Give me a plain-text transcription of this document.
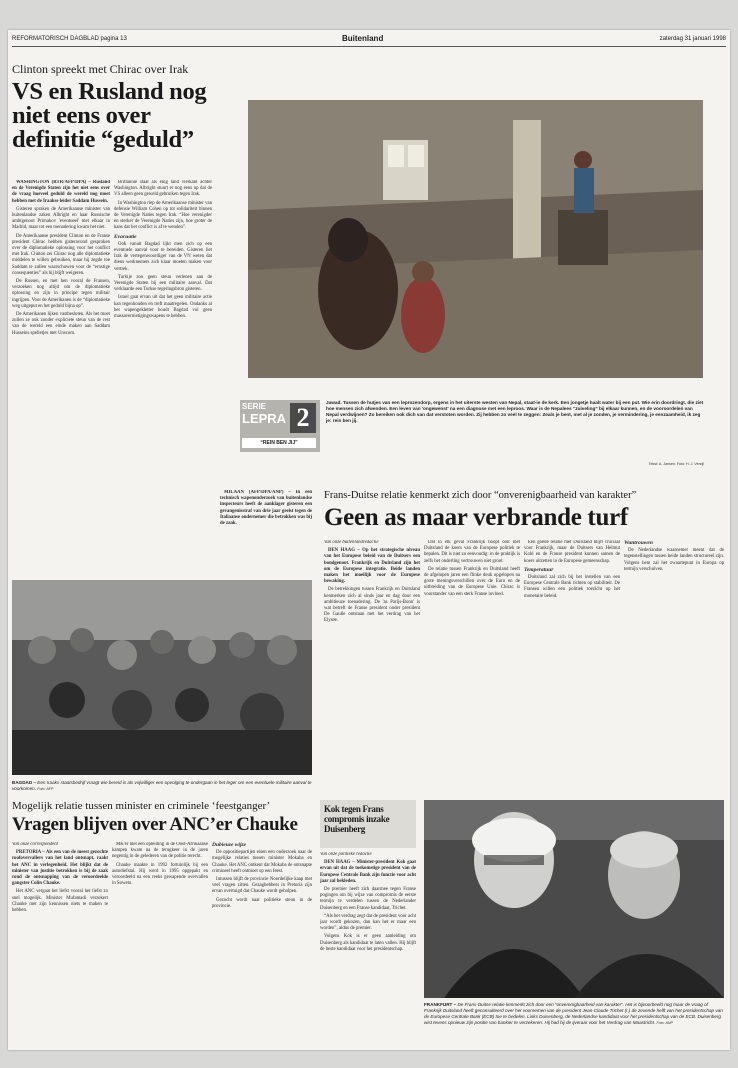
REFORMATORISCH DAGBLAD pagina 13	Buitenland	zaterdag 31 januari 1998
Clinton spreekt met Chirac over Irak
VS en Rusland nog niet eens over definitie “geduld”

WASHINGTON (RTR/AFP/DPA) – Rusland en de Verenigde Staten zijn het niet eens over de vraag hoeveel geduld de wereld nog moet hebben met de Iraakse leider Saddam Hussein.

Gisteren spraken de Amerikaanse minister van buitenlandse zaken Albright en haar Russische ambtgenoot Primakov 'eventueel' met elkaar in Madrid, maar tot een toenadering kwam het niet.

De Amerikaanse president Clinton en de Franse president Chirac hebben gisteravond gesproken over de diplomatieke oplossing voor het conflict met Irak. Clinton zei Chirac nog alle diplomatieke middelen te willen gebruiken, maar hij zegde toe Saddam te zullen waarschuwen voor de “ernstige consequenties” als hij blijft weigeren.

De Russen, en met hen vooral de Fransen, verzoeken nog altijd om de diplomatieke oplossing en zijn in principe tegen militair ingrijpen. Voor de Amerikanen is de “diplomatieke weg uitgeput en het geduld bijna op”.

De Amerikanen lijken vastbesloten. Als het moet zullen ze ook zonder expliciete steun van de rest van de wereld een einde maken aan Saddam Husseins spelletjes met Unscom.

Brittannie staat als enig land vierkant achter Washington. Albright stuurt er nog eens op dat de VS alleen geen geweld gebruiken tegen Irak.

In Washington riep de Amerikaanse minister van defensie William Cohen op tot solidariteit binnen de Verenigde Naties tegen Irak. “Hoe verenigder en sterker de Verenigde Naties zijn, hoe groter de kans dat het conflict is af te wenden”.

Evacuatie

Ook vanuit Bagdad lijkt men zich op een eventuele aanval voor te bereiden. Gisteren liet Irak de vertegenwoordiger van de VN weten dat diens werknemers zich klaar moeten maken voor vertrek.

Turkije zou geen steun verlenen aan de Verenigde Staten bij een militaire aanval. Dat verklaarde een Turkse regeringsbron gisteren.

Israel gaat ervan uit dat het geen militaire actie kan tegenhouden en treft maatregelen. Ondanks al het wapengekletter houdt Bagdad vol geen massavernietigingswapens te hebben.

SERIE
LEPRA 2
“REIN BEN JIJ”
Jawad. Tussen de hutjes van een leprozendorp, ergens in het uiterste westen van Nepal, staat-ie de kerk. Een jongetje haalt water bij een put. Wie erin doordringt, die ziet hoe mensen zich afwenden. Een leven van 'ongewenst' na een diagnose met een leproos. Waar is de Nepalees “zuiveling” bij elkaar kunnen, en de vooroordelen van Nepal verdwijnen? Zo bereiken ook dich van dat verstoten worden. Zij hebben zo veel te zeggen: Zeals je bent, met al je zonden, je vermindering, je eenzaamheid, ik zeg je: rein ben jij.
Tekst: A. Jansen. Foto: H. J. Verzijl

MILAAN (AFP/DPA/ANP) – In een technisch wapenonderzoek van buitenlandse inspecteurs heeft de aanklager gisteren een gevangenisstraf van drie jaar geeist tegen de Italiaanse ondernemer die betrokken was bij de zaak.

Frans-Duitse relatie kenmerkt zich door “onverenigbaarheid van karakter”
Geen as maar verbrande turf

Van onze buitenlandredactie

DEN HAAG – Op het strategische niveau van het Europese beleid van de Duitsers een bondgenoot. Frankrijk en Duitsland zijn het om de Europese integratie. Beide landen maken het moeilijk voor de Europese bewaking.

De betrekkingen tussen Frankrijk en Duitsland kenmerken zich al sinds jaar en dag door een ambitieuze toenadering. De 'as Parijs-Bonn' is wat betreft de Franse president onder president De Gaulle ontstaan met het verdrag van het Elysee.

Dat in elk geval Frankrijk hoopt ooit met Duitsland de koers van de Europese politiek te bepalen. Dit is niet zo eenvoudig: in de praktijk is zelfs het onderling vertrouwen niet groot.

De relatie tussen Frankrijk en Duitsland heeft de afgelopen jaren een flinke deuk opgelopen na grote meningsverschillen over de Euro en de uitbreiding van de Europese Unie. Chirac is voorstander van een sterk Franse invloed.

Een goede relatie met Duitsland blijft cruciaal voor Frankrijk, maar de Duitsers van Helmut Kohl en de Franse president kunnen samen de koers uitzetten in de Europese gemeenschap.

Temperatuur

Duitsland zal zich bij het instellen van een Europese Centrale Bank richten op stabiliteit. De Fransen willen een politiek toezicht op het monetaire beleid.

Wantrouwen

De Nederlandse waarnemer meent dat de tegenstellingen tussen beide landen structureel zijn. Volgens hem zal het zwaartepunt in Europa op termijn verschuiven.

BAGDAD – Een Iraaks staatsbedrijf vraagt wie bereid is als vrijwilliger een opvolging te ondergaan in het leger om een eventuele militaire aanval te voorkomen. Foto: AFP
Mogelijk relatie tussen minister en criminele ‘feestganger’
Vragen blijven over ANC’er Chauke

Van onze correspondent

PRETORIA – Als een van de meest gezochte roofovervallers van het land ontsnapt, raakt het ANC in verlegenheid. Het blijkt dat de minister van justitie betrokken is bij de zaak rond de ontsnapping van de veroordeelde gangster Colin Chauke.

Het ANC vergaat het liefst vooral het liefst zo snel mogelijk. Minister Mufamadi verzekert Chauke met zijn kennissen niets te maken te hebben.

MK'er met een opleiding in de Oost-Afrikaanse kampen kwam na de terugkeer in de jaren negentig in de gelederen van de politie terecht.

Chauke maakte in 1992 fortuinlijk bij een autodiefstal. Hij werd in 1995 opgepakt en veroordeeld na een reeks gewapende overvallen in Soweto.

Dubieuze wijze

De oppositiepartijen eisen een onderzoek naar de mogelijke relaties tussen minister Mokaba en Chauke. Het ANC ontkent dat Mokaba de ontsnapte crimineel heeft ontmoet op een feest.

Intussen blijft de provincie Noordelijke kaap met veel vragen zitten. Gezaghebbers in Pretoria zijn ervan overtuigd dat Chauke wordt geholpen.

Gezocht wordt naar politieke steun in de provincie.

Kok tegen Frans compromis inzake Duisenberg

Van onze politieke redactie

DEN HAAG – Minister-president Kok gaat ervan uit dat de toekomstige president van de Europese Centrale Bank zijn functie voor acht jaar zal bekleden.

De premier heeft zich daarmee tegen Franse pogingen om bij wijze van compromis de eerste termijn te verdelen tussen de Nederlander Duisenberg en een Franse kandidaat, Trichet.

“Als het verdrag zegt dat de president voor acht jaar wordt gekozen, dan kan het er maar een worden”, aldus de premier.

Volgens Kok is er geen aanleiding om Duisenberg als kandidaat te laten vallen. Hij blijft de beste kandidaat voor het presidentschap.

FRANKFURT – De Frans-Duitse relatie kenmerkt zich door een “onverenigbaarheid van karakter”. Het is bijvoorbeeld nog maar de vraag of Frankrijk Duitsland heeft geconsulteerd over het voornemen van de president Jean-Claude Trichet (r.) de zevende helft van het presidentschap van de Europese Centrale Bank (ECB) toe te bedelen. Links Duisenberg, de Nederlandse kandidaat voor het presidentschap van de ECB. Duisenberg wist tevens opnieuw zijn positie van bankier te verzekeren. Hij had hij de ijveraar voor het Verdrag van Maastricht. Foto: ANP
